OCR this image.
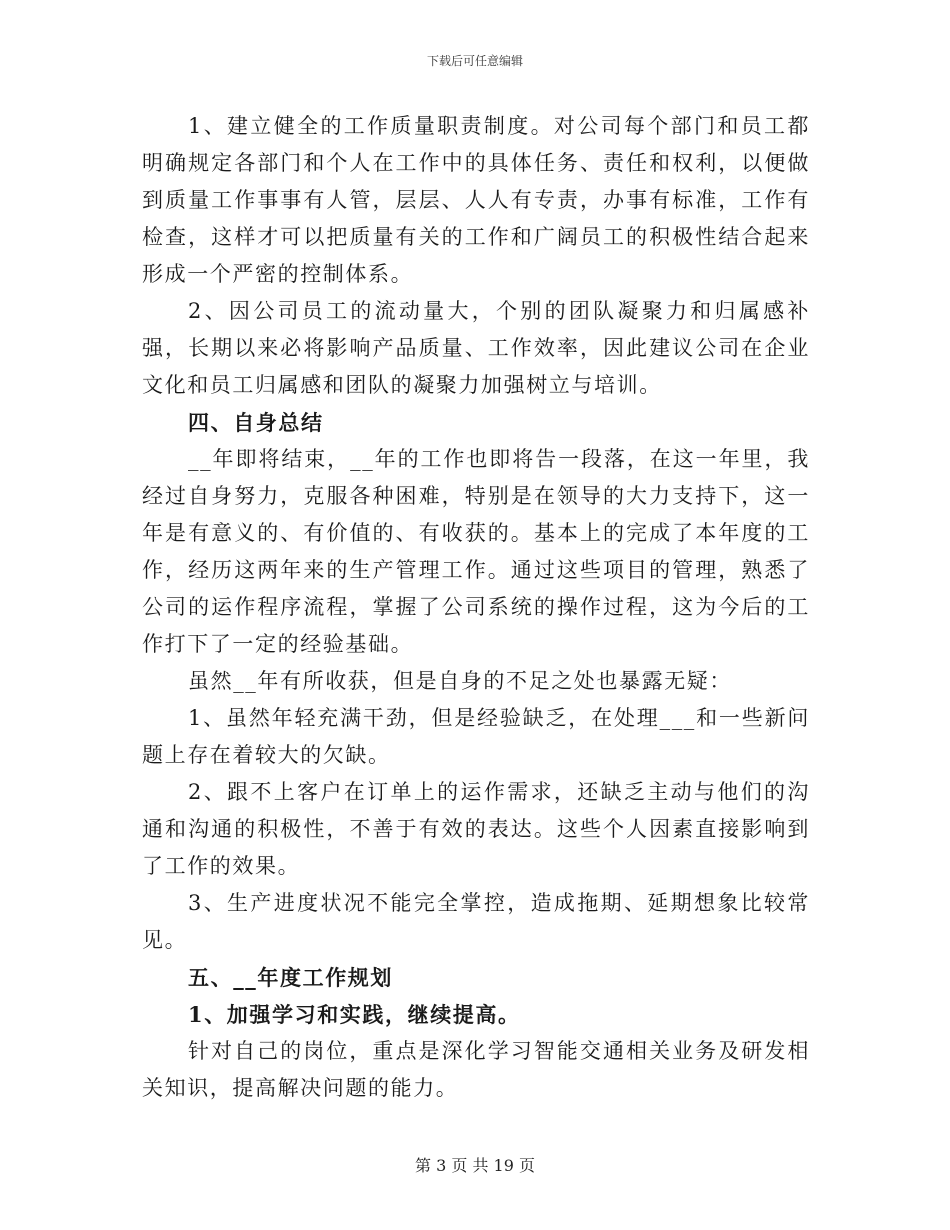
下载后可任意编辑

1、建立健全的工作质量职责制度。对公司每个部门和员工都明确规定各部门和个人在工作中的具体任务、责任和权利，以便做到质量工作事事有人管，层层、人人有专责，办事有标准，工作有检查，这样才可以把质量有关的工作和广阔员工的积极性结合起来形成一个严密的控制体系。

2、因公司员工的流动量大，个别的团队凝聚力和归属感补强，长期以来必将影响产品质量、工作效率，因此建议公司在企业文化和员工归属感和团队的凝聚力加强树立与培训。

四、自身总结

__年即将结束，__年的工作也即将告一段落，在这一年里，我经过自身努力，克服各种困难，特别是在领导的大力支持下，这一年是有意义的、有价值的、有收获的。基本上的完成了本年度的工作，经历这两年来的生产管理工作。通过这些项目的管理，熟悉了公司的运作程序流程，掌握了公司系统的操作过程，这为今后的工作打下了一定的经验基础。

虽然__年有所收获，但是自身的不足之处也暴露无疑：

1、虽然年轻充满干劲，但是经验缺乏，在处理___和一些新问题上存在着较大的欠缺。

2、跟不上客户在订单上的运作需求，还缺乏主动与他们的沟通和沟通的积极性，不善于有效的表达。这些个人因素直接影响到了工作的效果。

3、生产进度状况不能完全掌控，造成拖期、延期想象比较常见。

五、__年度工作规划

1、加强学习和实践，继续提高。

针对自己的岗位，重点是深化学习智能交通相关业务及研发相关知识，提高解决问题的能力。

第 3 页 共 19 页
